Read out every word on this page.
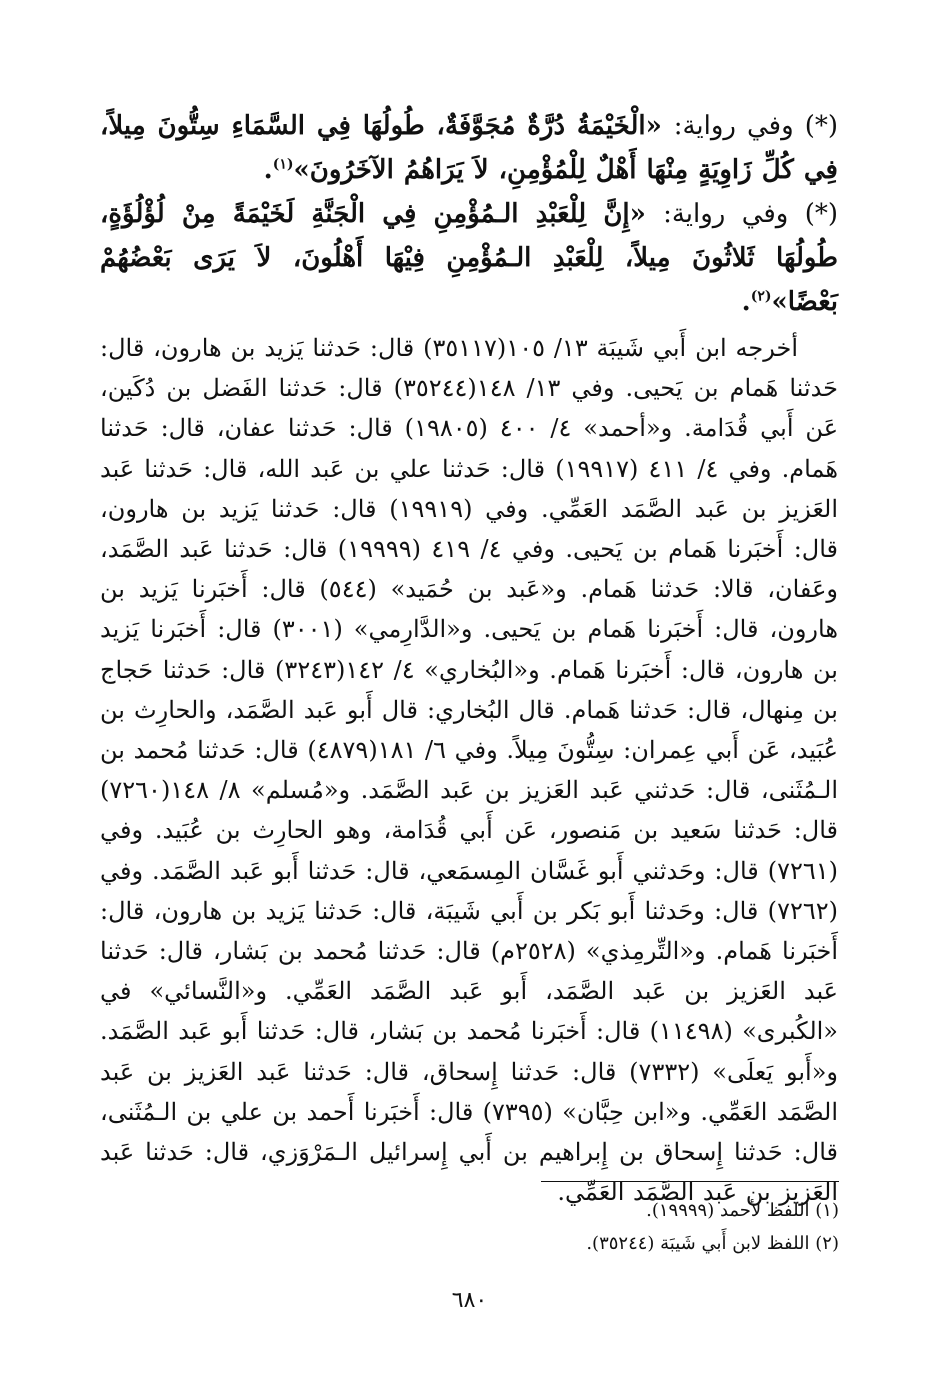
(*) وفي رواية: «الْخَيْمَةُ دُرَّةٌ مُجَوَّفَةٌ، طُولُهَا فِي السَّمَاءِ سِتُّونَ مِيلاً، فِي كُلِّ زَاوِيَةٍ مِنْهَا أَهْلٌ لِلْمُؤْمِنِ، لاَ يَرَاهُمُ الآخَرُونَ»$^{(١)}$.

(*) وفي رواية: «إِنَّ لِلْعَبْدِ الـمُؤْمِنِ فِي الْجَنَّةِ لَخَيْمَةً مِنْ لُؤْلُؤَةٍ، طُولُهَا ثَلاثُونَ مِيلاً، لِلْعَبْدِ الـمُؤْمِنِ فِيْهَا أَهْلُونَ، لاَ يَرَى بَعْضُهُمْ بَعْضًا»$^{(٢)}$.

أخرجه ابن أَبي شَيبَة ١٣/ ١٠٥(٣٥١١٧) قال: حَدثنا يَزيد بن هارون، قال: حَدثنا هَمام بن يَحيى. وفي ١٣/ ١٤٨(٣٥٢٤٤) قال: حَدثنا الفَضل بن دُكَين، عَن أَبي قُدَامة. و«أحمد» ٤/ ٤٠٠ (١٩٨٠٥) قال: حَدثنا عفان، قال: حَدثنا هَمام. وفي ٤/ ٤١١ (١٩٩١٧) قال: حَدثنا علي بن عَبد الله، قال: حَدثنا عَبد العَزيز بن عَبد الصَّمَد العَمِّي. وفي (١٩٩١٩) قال: حَدثنا يَزيد بن هارون، قال: أَخبَرنا هَمام بن يَحيى. وفي ٤/ ٤١٩ (١٩٩٩٩) قال: حَدثنا عَبد الصَّمَد، وعَفان، قالا: حَدثنا هَمام. و«عَبد بن حُمَيد» (٥٤٤) قال: أَخبَرنا يَزيد بن هارون، قال: أَخبَرنا هَمام بن يَحيى. و«الدَّارِمي» (٣٠٠١) قال: أَخبَرنا يَزيد بن هارون، قال: أَخبَرنا هَمام. و«البُخاري» ٤/ ١٤٢(٣٢٤٣) قال: حَدثنا حَجاج بن مِنهال، قال: حَدثنا هَمام. قال البُخاري: قال أَبو عَبد الصَّمَد، والحارِث بن عُبَيد، عَن أَبي عِمران: سِتُّونَ مِيلاً. وفي ٦/ ١٨١(٤٨٧٩) قال: حَدثنا مُحمد بن الـمُثَنى، قال: حَدثني عَبد العَزيز بن عَبد الصَّمَد. و«مُسلم» ٨/ ١٤٨(٧٢٦٠) قال: حَدثنا سَعيد بن مَنصور، عَن أَبي قُدَامة، وهو الحارِث بن عُبَيد. وفي (٧٢٦١) قال: وحَدثني أَبو غَسَّان المِسمَعي، قال: حَدثنا أَبو عَبد الصَّمَد. وفي (٧٢٦٢) قال: وحَدثنا أَبو بَكر بن أَبي شَيبَة، قال: حَدثنا يَزيد بن هارون، قال: أَخبَرنا هَمام. و«التِّرمِذي» (٢٥٢٨م) قال: حَدثنا مُحمد بن بَشار، قال: حَدثنا عَبد العَزيز بن عَبد الصَّمَد، أَبو عَبد الصَّمَد العَمِّي. و«النَّسائي» في «الكُبرى» (١١٤٩٨) قال: أَخبَرنا مُحمد بن بَشار، قال: حَدثنا أَبو عَبد الصَّمَد. و«أَبو يَعلَى» (٧٣٣٢) قال: حَدثنا إِسحاق، قال: حَدثنا عَبد العَزيز بن عَبد الصَّمَد العَمِّي. و«ابن حِبَّان» (٧٣٩٥) قال: أَخبَرنا أَحمد بن علي بن الـمُثَنى، قال: حَدثنا إِسحاق بن إِبراهيم بن أَبي إِسرائيل الـمَرْوَزي، قال: حَدثنا عَبد العَزيز بن عَبد الصَّمَد العَمِّي.

(١) اللفظ لأحمد (١٩٩٩٩).

(٢) اللفظ لابن أَبي شَيبَة (٣٥٢٤٤).

٦٨٠
